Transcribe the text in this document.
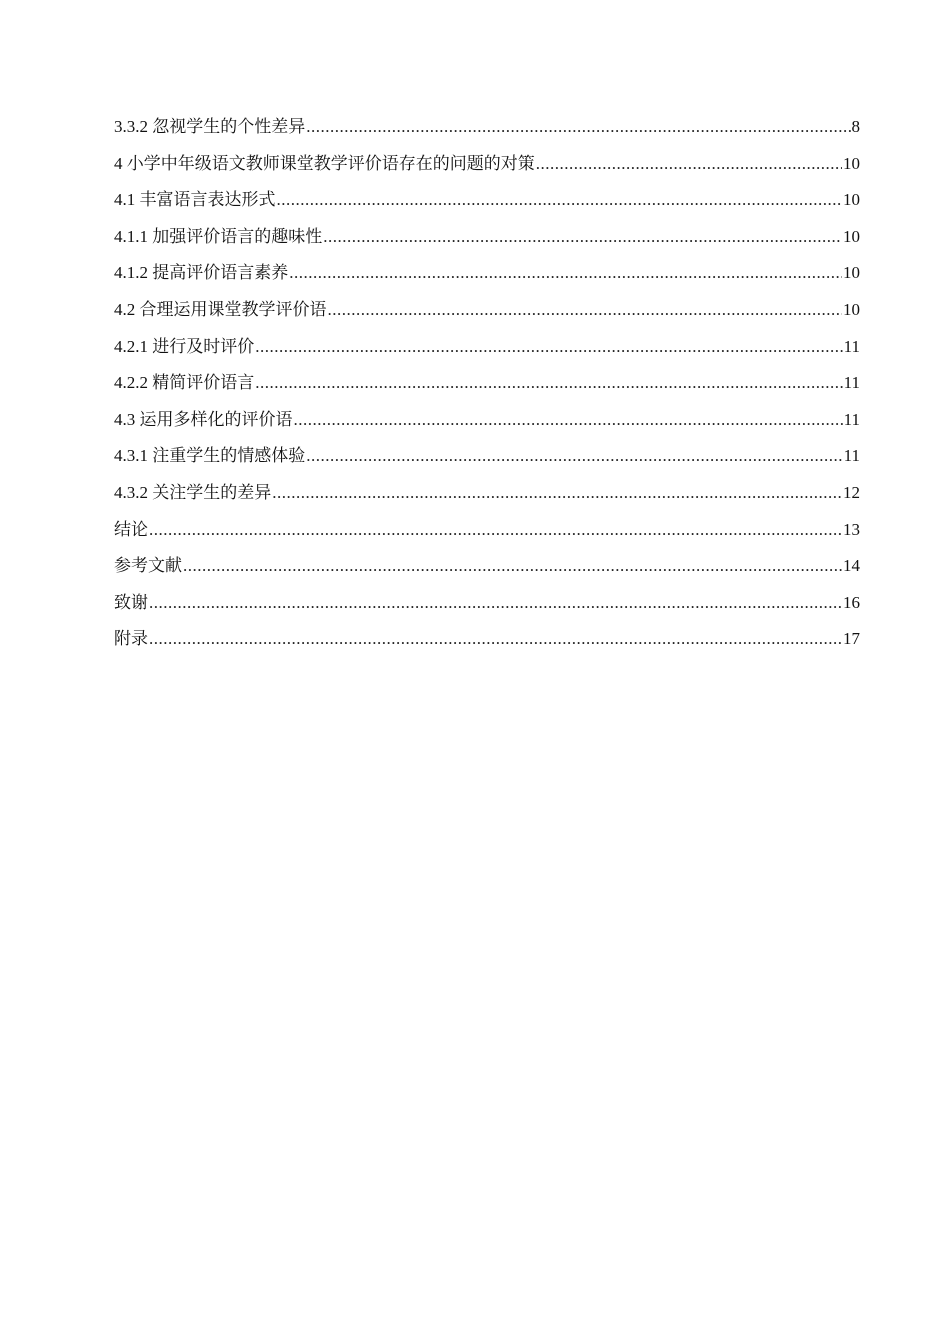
3.3.2 忽视学生的个性差异 .....	8
4 小学中年级语文教师课堂教学评价语存在的问题的对策 .....	10
4.1 丰富语言表达形式 .....	10
4.1.1 加强评价语言的趣味性 .....	10
4.1.2 提高评价语言素养 .....	10
4.2 合理运用课堂教学评价语 .....	10
4.2.1 进行及时评价 .....	11
4.2.2 精简评价语言 .....	11
4.3 运用多样化的评价语 .....	11
4.3.1 注重学生的情感体验 .....	11
4.3.2 关注学生的差异 .....	12
结论 .....	13
参考文献 .....	14
致谢 .....	16
附录 .....	17
